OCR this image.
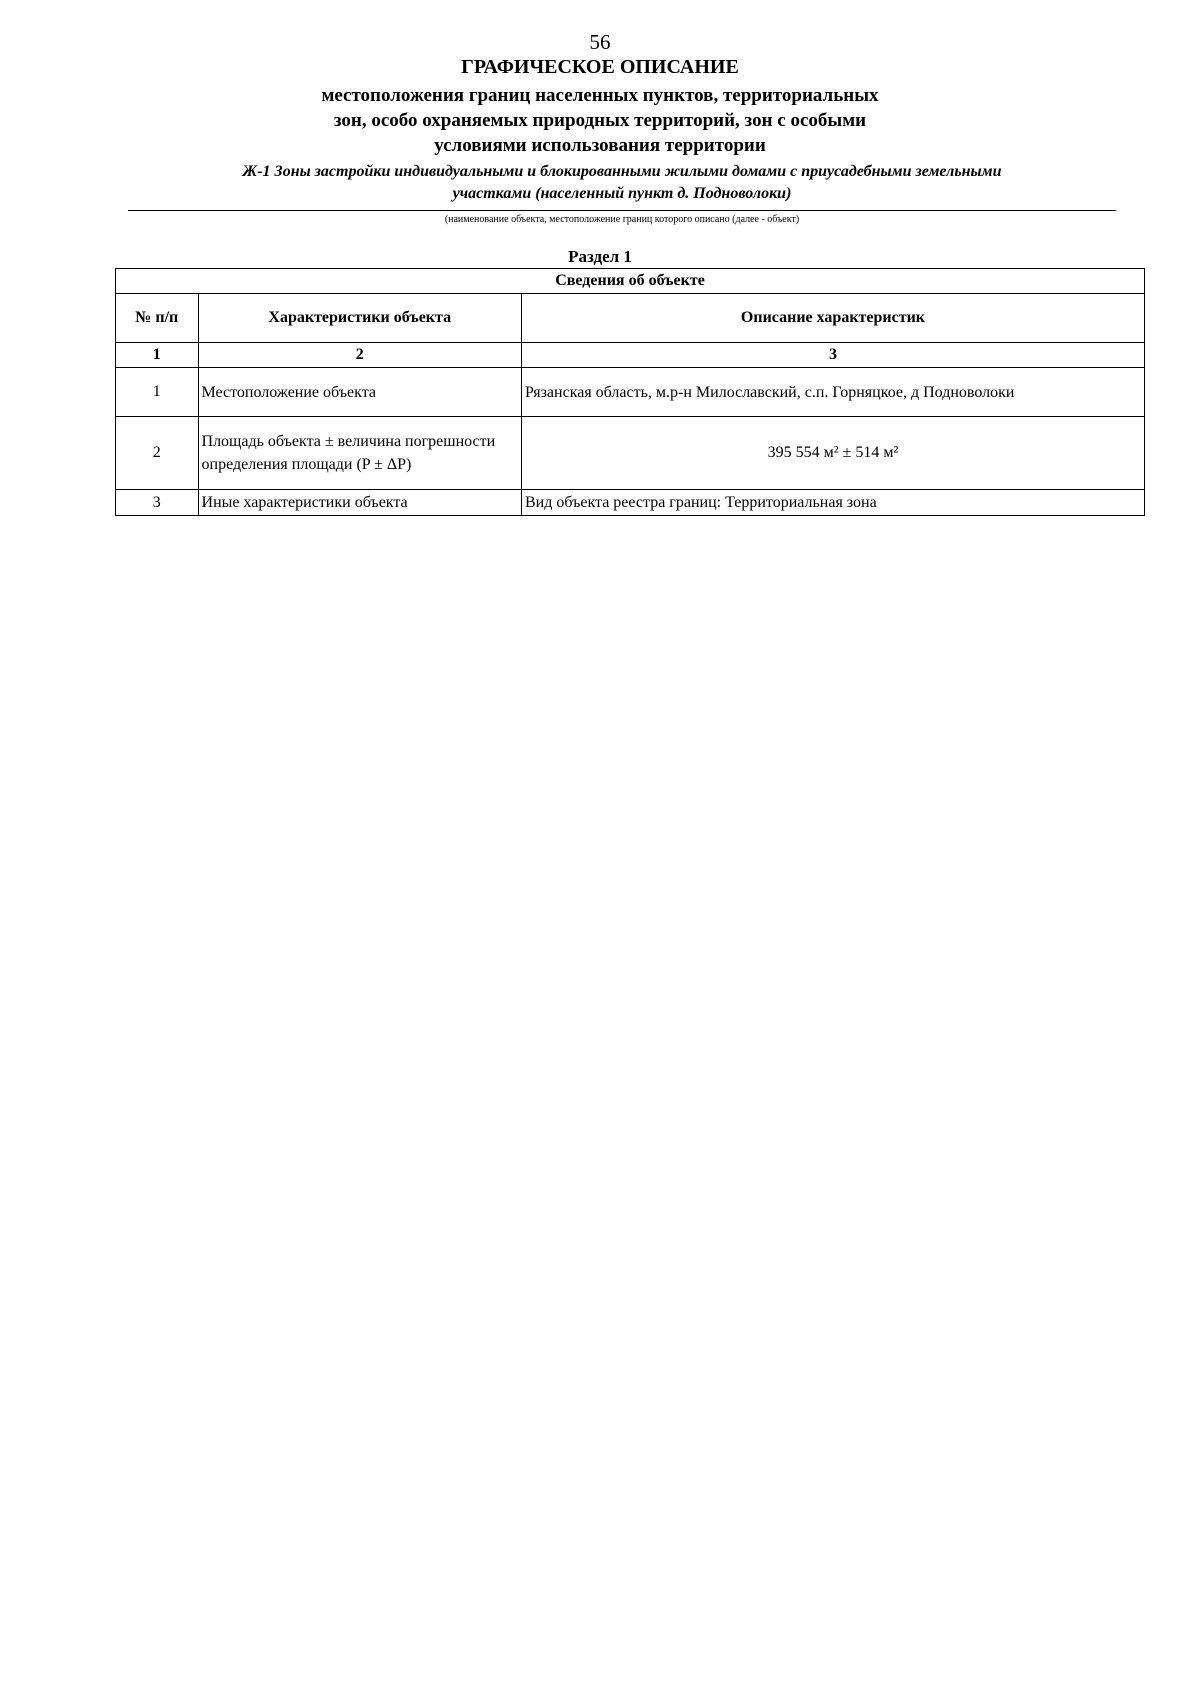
56
ГРАФИЧЕСКОЕ ОПИСАНИЕ
местоположения границ населенных пунктов, территориальных
зон, особо охраняемых природных территорий, зон с особыми
условиями использования территории
Ж-1 Зоны застройки индивидуальными и блокированными жилыми домами с приусадебными земельными
участками (населенный пункт д. Подноволоки)
(наименование объекта, местоположение границ которого описано (далее - объект)
Раздел 1
Сведения об объекте		
№ п/п	Характеристики объекта	Описание характеристик
1	2	3
1	Местоположение объекта	Рязанская область, м.р-н Милославский, с.п. Горняцкое, д Подноволоки
2	Площадь объекта ± величина погрешности определения площади (P ± ΔP)	395 554 м² ± 514 м²
3	Иные характеристики объекта	Вид объекта реестра границ: Территориальная зона
